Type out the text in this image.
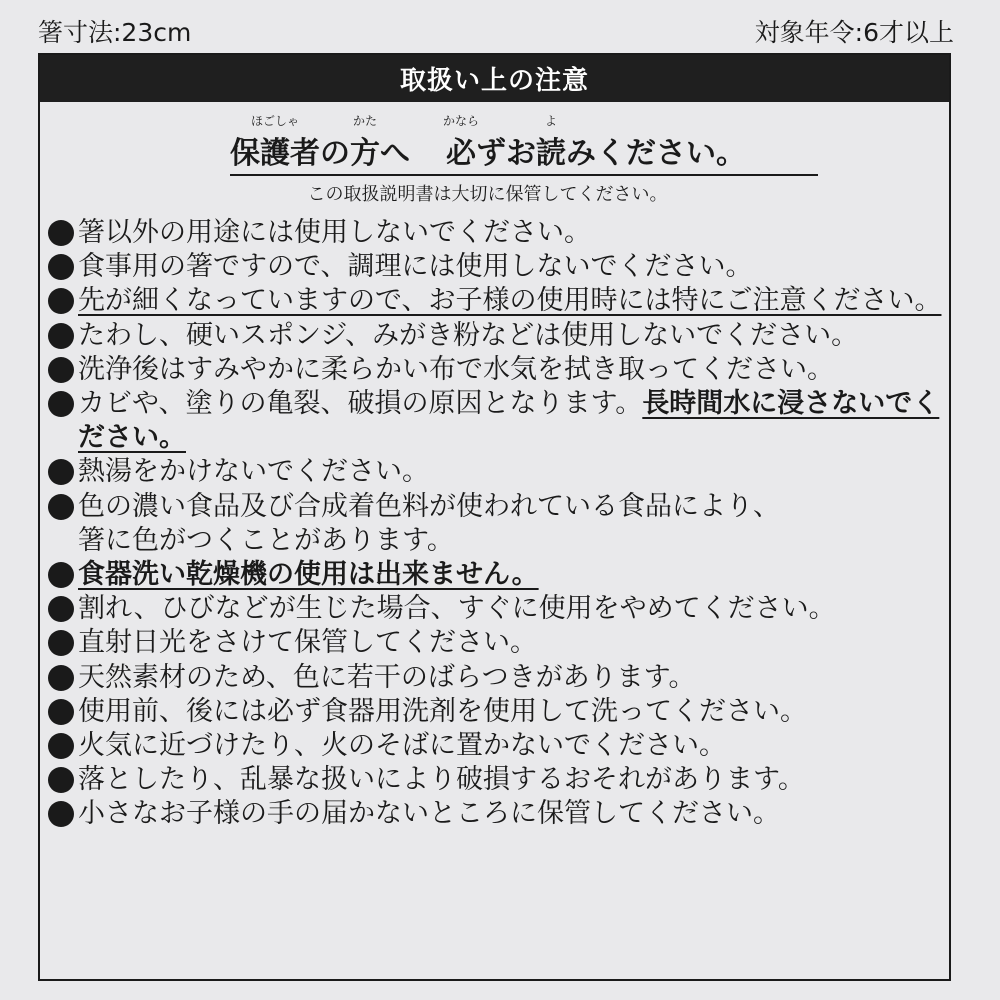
箸寸法:23cm	対象年令:6才以上
取扱い上の注意
ほごしゃ
保護者 の
かた
方 へ
かなら
必 ずお
よ
読 みください。
この取扱説明書は大切に保管してください。
箸以外の用途には使用しないでください。
食事用の箸ですので、調理には使用しないでください。
先が細くなっていますので、お子様の使用時には特にご注意ください。
たわし、硬いスポンジ、みがき粉などは使用しないでください。
洗浄後はすみやかに柔らかい布で水気を拭き取ってください。
カビや、塗りの亀裂、破損の原因となります。長時間水に浸さないでください。
熱湯をかけないでください。
色の濃い食品及び合成着色料が使われている食品により、
箸に色がつくことがあります。
食器洗い乾燥機の使用は出来ません。
割れ、ひびなどが生じた場合、すぐに使用をやめてください。
直射日光をさけて保管してください。
天然素材のため、色に若干のばらつきがあります。
使用前、後には必ず食器用洗剤を使用して洗ってください。
火気に近づけたり、火のそばに置かないでください。
落としたり、乱暴な扱いにより破損するおそれがあります。
小さなお子様の手の届かないところに保管してください。
